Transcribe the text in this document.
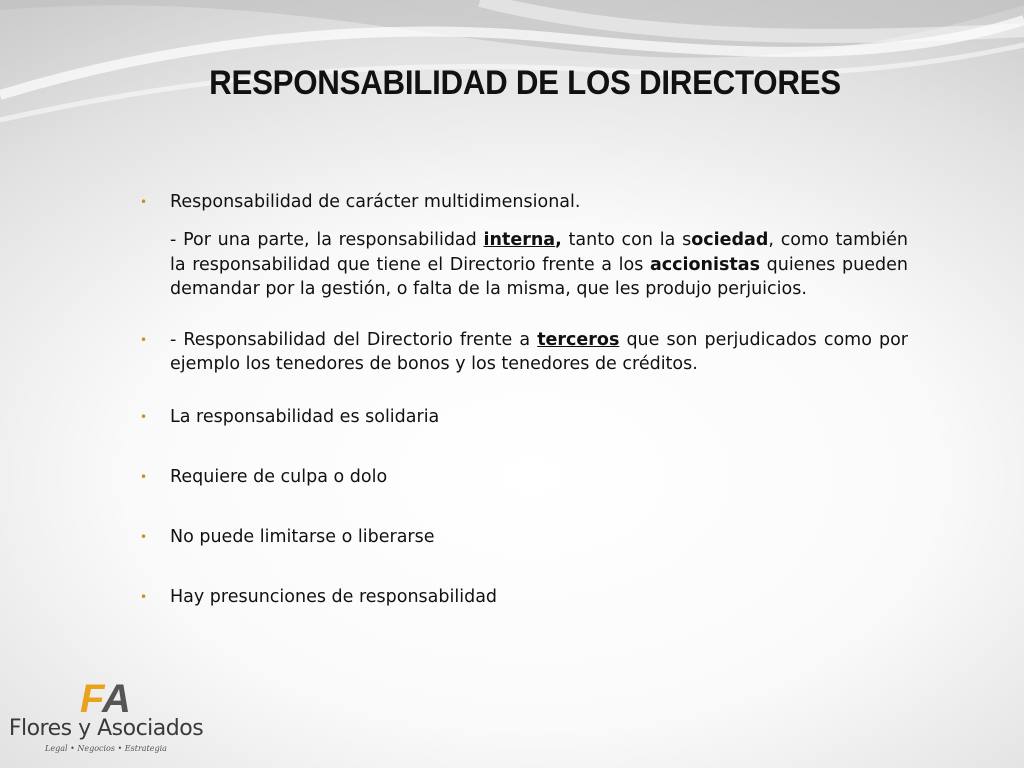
RESPONSABILIDAD DE LOS DIRECTORES
• Responsabilidad de carácter multidimensional.

- Por una parte, la responsabilidad interna, tanto con la sociedad, como también la responsabilidad que tiene el Directorio frente a los accionistas quienes pueden demandar por la gestión, o falta de la misma, que les produjo perjuicios.

• - Responsabilidad del Directorio frente a terceros que son perjudicados como por ejemplo los tenedores de bonos y los tenedores de créditos.
• La responsabilidad es solidaria
• Requiere de culpa o dolo
• No puede limitarse o liberarse
• Hay presunciones de responsabilidad
F
A
Flores y Asociados
Legal • Negocios • Estrategia
